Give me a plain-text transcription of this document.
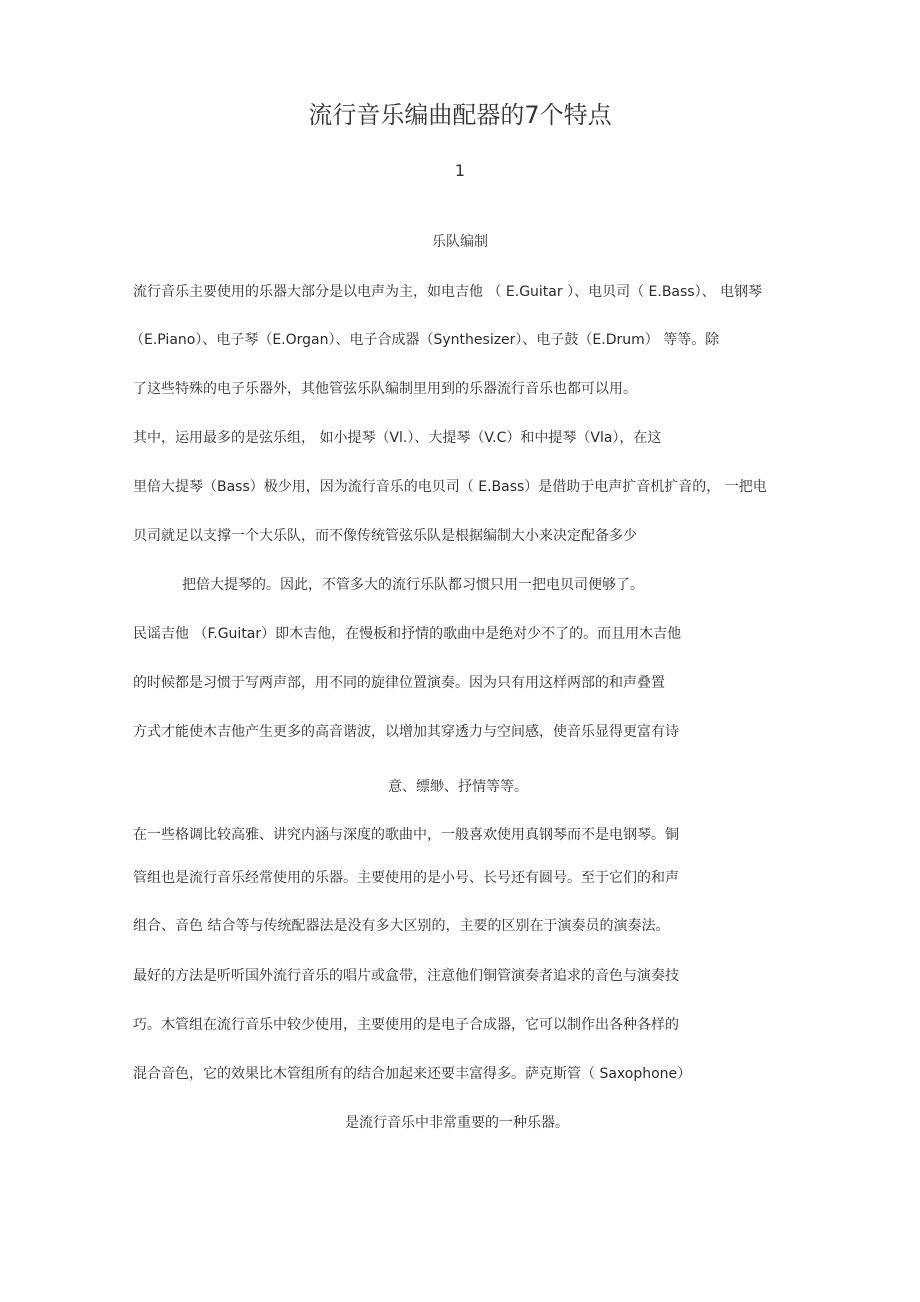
流行音乐编曲配器的7个特点
1
乐队编制
流行音乐主要使用的乐器大部分是以电声为主，如电吉他 （ E.Guitar ）、电贝司（ E.Bass）、 电钢琴
（E.Piano）、电子琴（E.Organ）、电子合成器（Synthesizer）、电子鼓（E.Drum） 等等。除
了这些特殊的电子乐器外，其他管弦乐队编制里用到的乐器流行音乐也都可以用。
其中，运用最多的是弦乐组， 如小提琴（Vl.）、大提琴（V.C）和中提琴（Vla），在这
里倍大提琴（Bass）极少用，因为流行音乐的电贝司（ E.Bass）是借助于电声扩音机扩音的， 一把电
贝司就足以支撑一个大乐队，而不像传统管弦乐队是根据编制大小来决定配备多少
把倍大提琴的。因此，不管多大的流行乐队都习惯只用一把电贝司便够了。
民谣吉他 （F.Guitar）即木吉他，在慢板和抒情的歌曲中是绝对少不了的。而且用木吉他
的时候都是习惯于写两声部，用不同的旋律位置演奏。因为只有用这样两部的和声叠置
方式才能使木吉他产生更多的高音谐波，以增加其穿透力与空间感，使音乐显得更富有诗
意、缥缈、抒情等等。
在一些格调比较高雅、讲究内涵与深度的歌曲中，一般喜欢使用真钢琴而不是电钢琴。铜
管组也是流行音乐经常使用的乐器。主要使用的是小号、长号还有圆号。至于它们的和声
组合、音色 结合等与传统配器法是没有多大区别的，主要的区别在于演奏员的演奏法。
最好的方法是听听国外流行音乐的唱片或盒带，注意他们铜管演奏者追求的音色与演奏技
巧。木管组在流行音乐中较少使用，主要使用的是电子合成器，它可以制作出各种各样的
混合音色，它的效果比木管组所有的结合加起来还要丰富得多。萨克斯管（ Saxophone）
是流行音乐中非常重要的一种乐器。
